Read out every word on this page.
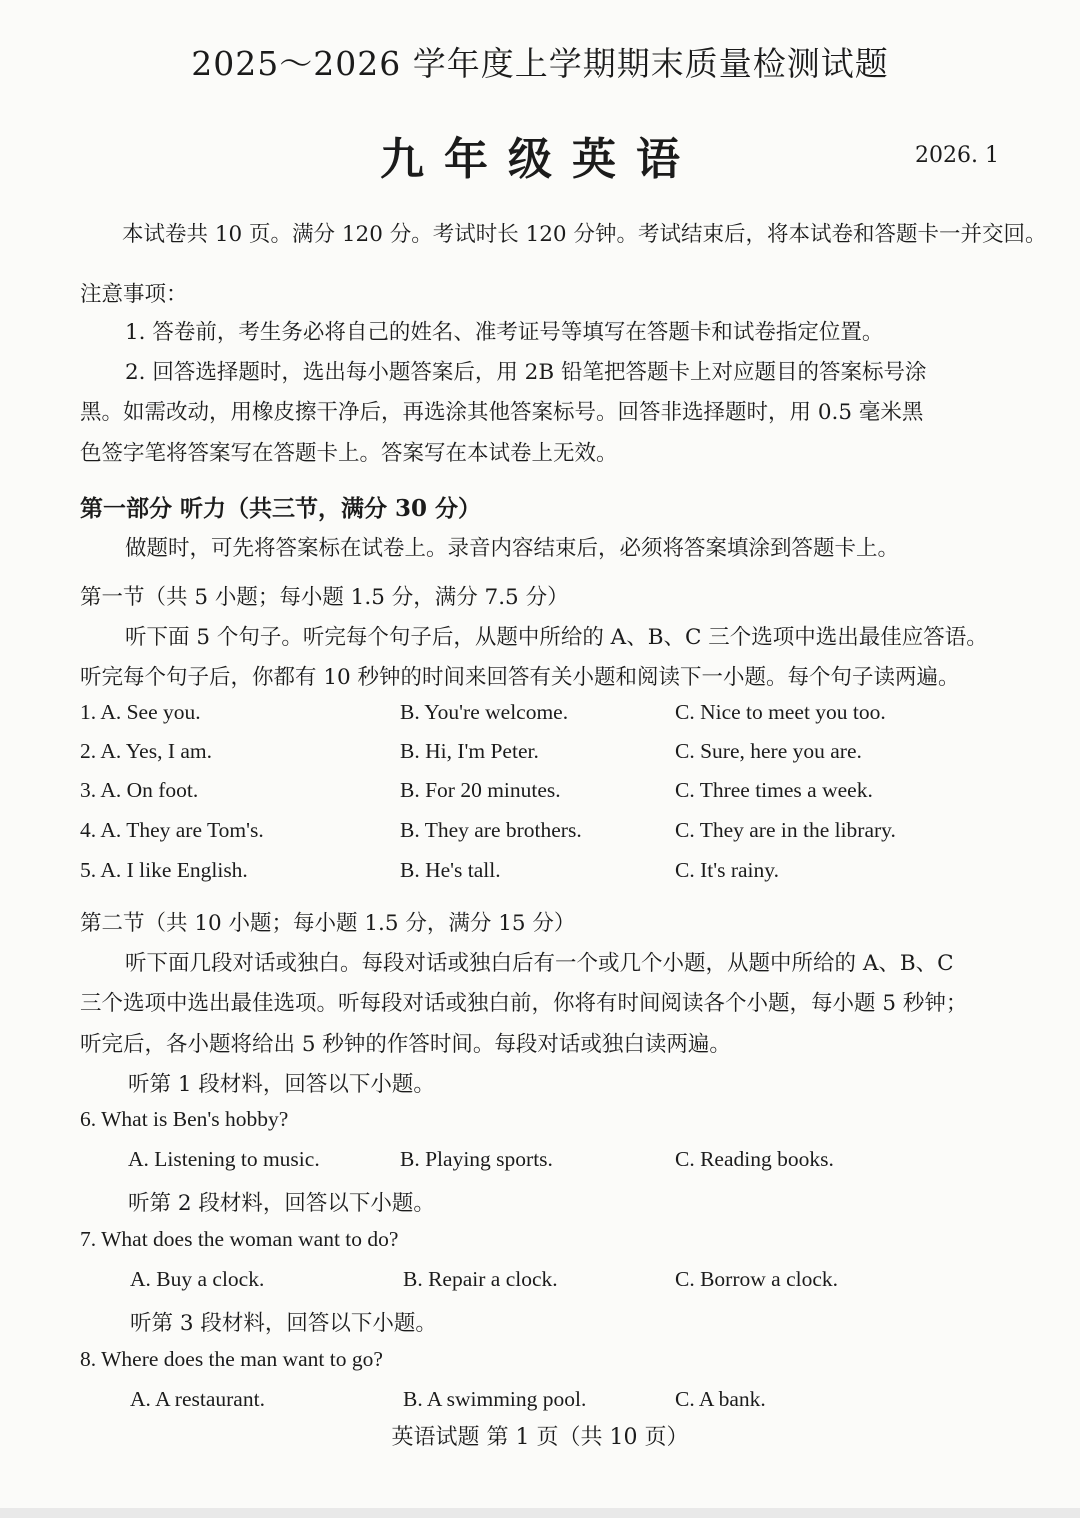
2025～2026 学年度上学期期末质量检测试题
九年级英语	2026. 1
本试卷共 10 页。满分 120 分。考试时长 120 分钟。考试结束后，将本试卷和答题卡一并交回。
注意事项：
1. 答卷前，考生务必将自己的姓名、准考证号等填写在答题卡和试卷指定位置。
2. 回答选择题时，选出每小题答案后，用 2B 铅笔把答题卡上对应题目的答案标号涂
黑。如需改动，用橡皮擦干净后，再选涂其他答案标号。回答非选择题时，用 0.5 毫米黑
色签字笔将答案写在答题卡上。答案写在本试卷上无效。
第一部分 听力（共三节，满分 30 分）
做题时，可先将答案标在试卷上。录音内容结束后，必须将答案填涂到答题卡上。
第一节（共 5 小题；每小题 1.5 分，满分 7.5 分）
听下面 5 个句子。听完每个句子后，从题中所给的 A、B、C 三个选项中选出最佳应答语。
听完每个句子后，你都有 10 秒钟的时间来回答有关小题和阅读下一小题。每个句子读两遍。
1. A. See you.	B. You're welcome.	C. Nice to meet you too.
2. A. Yes, I am.	B. Hi, I'm Peter.	C. Sure, here you are.
3. A. On foot.	B. For 20 minutes.	C. Three times a week.
4. A. They are Tom's.	B. They are brothers.	C. They are in the library.
5. A. I like English.	B. He's tall.	C. It's rainy.
第二节（共 10 小题；每小题 1.5 分，满分 15 分）
听下面几段对话或独白。每段对话或独白后有一个或几个小题，从题中所给的 A、B、C
三个选项中选出最佳选项。听每段对话或独白前，你将有时间阅读各个小题，每小题 5 秒钟；
听完后，各小题将给出 5 秒钟的作答时间。每段对话或独白读两遍。
听第 1 段材料，回答以下小题。
6. What is Ben's hobby?
A. Listening to music.	B. Playing sports.	C. Reading books.
听第 2 段材料，回答以下小题。
7. What does the woman want to do?
A. Buy a clock.	B. Repair a clock.	C. Borrow a clock.
听第 3 段材料，回答以下小题。
8. Where does the man want to go?
A. A restaurant.	B. A swimming pool.	C. A bank.
英语试题 第 1 页（共 10 页）
